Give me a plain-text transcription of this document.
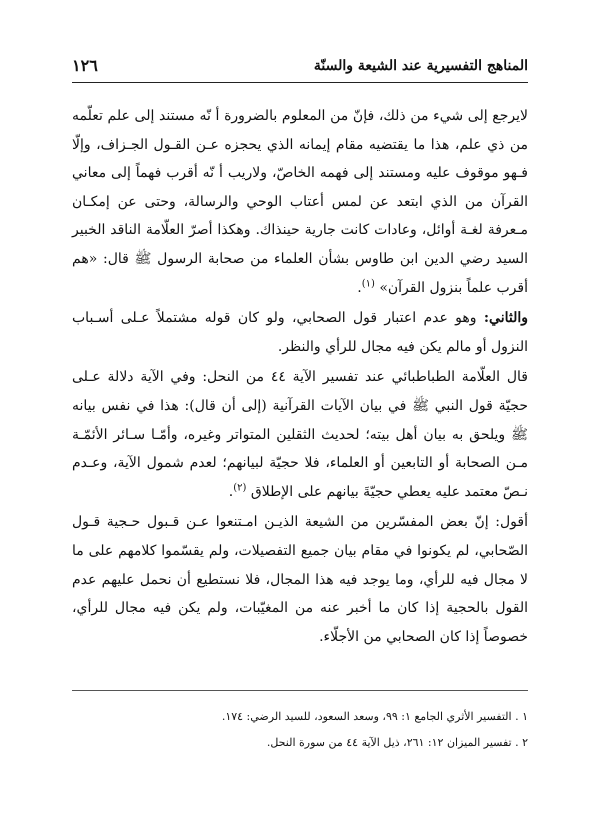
المناهج التفسيرية عند الشيعة والسنّة
١٢٦

لايرجع إلى شيء من ذلك، فإنّ من المعلوم بالضرورة أ نّه مستند إلى علم تعلّمه من ذي علم، هذا ما يقتضيه مقام إيمانه الذي يحجزه عـن القـول الجـزاف، وإلّا فـهو موقوف عليه ومستند إلى فهمه الخاصّ، ولاريب أ نّه أقرب فهماً إلى معاني القرآن من الذي ابتعد عن لمس أعتاب الوحي والرسالة، وحتى عن إمكـان مـعرفة لغـة أوائل، وعادات كانت جارية حينذاك. وهكذا أصرّ العلّامة الناقد الخبير السيد رضي الدين ابن طاوس بشأن العلماء من صحابة الرسول ﷺ قال: «هم أقرب علماً بنزول القرآن» $^{(١)}$.

والثاني: وهو عدم اعتبار قول الصحابي، ولو كان قوله مشتملاً عـلى أسـباب النزول أو مالم يكن فيه مجال للرأي والنظر.

قال العلّامة الطباطبائي عند تفسير الآية ٤٤ من النحل: وفي الآية دلالة عـلى حجيّة قول النبي ﷺ في بيان الآيات القرآنية (إلى أن قال): هذا في نفس بيانه ﷺ ويلحق به بيان أهل بيته؛ لحديث الثقلين المتواتر وغيره، وأمّـا سـائر الأئمّـة مـن الصحابة أو التابعين أو العلماء، فلا حجيّة لبيانهم؛ لعدم شمول الآية، وعـدم نـصّ معتمد عليه يعطي حجيّةَ بيانهم على الإطلاق $^{(٢)}$.

أقول: إنّ بعض المفسّرين من الشيعة الذيـن امـتنعوا عـن قـبول حـجية قـول الصّحابي، لم يكونوا في مقام بيان جميع التفصيلات، ولم يقسّموا كلامهم على ما لا مجال فيه للرأي، وما يوجد فيه هذا المجال، فلا نستطيع أن نحمل عليهم عدم القول بالحجية إذا كان ما أخبر عنه من المغيّبات، ولم يكن فيه مجال للرأي، خصوصاً إذا كان الصحابي من الأجلّاء.

١ . التفسير الأثري الجامع ١: ٩٩، وسعد السعود، للسيد الرضي: ١٧٤.

٢ . تفسير الميزان ١٢: ٢٦١، ذيل الآية ٤٤ من سورة النحل.
